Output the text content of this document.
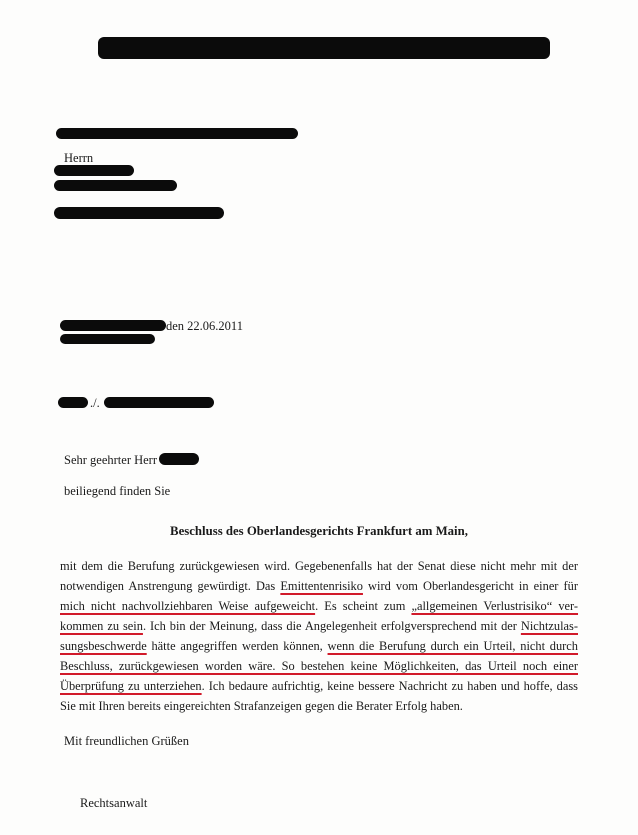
Herrn
den 22.06.2011
./.
Sehr geehrter Herr
beiliegend finden Sie
Beschluss des Oberlandesgerichts Frankfurt am Main,
mit dem die Berufung zurückgewiesen wird. Gegebenenfalls hat der Senat diese nicht mehr mit der
notwendigen Anstrengung gewürdigt. Das Emittentenrisiko wird vom Oberlandesgericht in einer für
mich nicht nachvollziehbaren Weise aufgeweicht. Es scheint zum „allgemeinen Verlustrisiko“ ver-
kommen zu sein. Ich bin der Meinung, dass die Angelegenheit erfolgversprechend mit der Nichtzulas-
sungsbeschwerde hätte angegriffen werden können, wenn die Berufung durch ein Urteil, nicht durch
Beschluss, zurückgewiesen worden wäre. So bestehen keine Möglichkeiten, das Urteil noch einer
Überprüfung zu unterziehen. Ich bedaure aufrichtig, keine bessere Nachricht zu haben und hoffe, dass
Sie mit Ihren bereits eingereichten Strafanzeigen gegen die Berater Erfolg haben.
Mit freundlichen Grüßen
Rechtsanwalt
